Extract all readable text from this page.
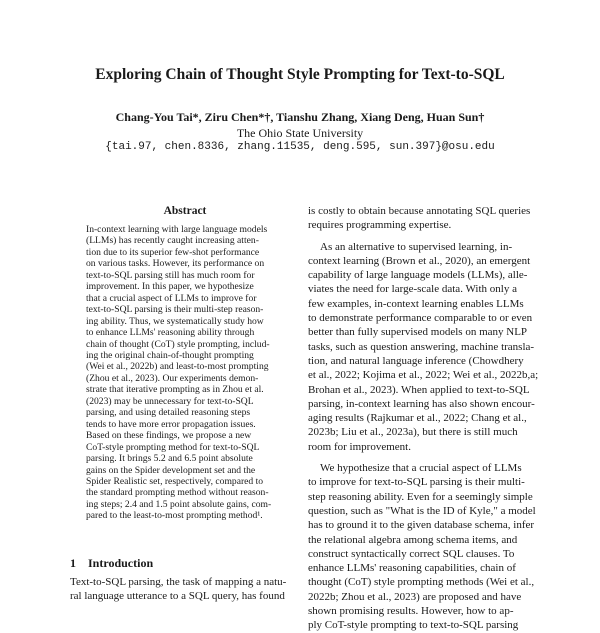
Exploring Chain of Thought Style Prompting for Text-to-SQL
Chang-You Tai*, Ziru Chen*†, Tianshu Zhang, Xiang Deng, Huan Sun†
The Ohio State University
{tai.97, chen.8336, zhang.11535, deng.595, sun.397}@osu.edu
Abstract
In-context learning with large language models
(LLMs) has recently caught increasing atten-
tion due to its superior few-shot performance
on various tasks. However, its performance on
text-to-SQL parsing still has much room for
improvement. In this paper, we hypothesize
that a crucial aspect of LLMs to improve for
text-to-SQL parsing is their multi-step reason-
ing ability. Thus, we systematically study how
to enhance LLMs' reasoning ability through
chain of thought (CoT) style prompting, includ-
ing the original chain-of-thought prompting
(Wei et al., 2022b) and least-to-most prompting
(Zhou et al., 2023). Our experiments demon-
strate that iterative prompting as in Zhou et al.
(2023) may be unnecessary for text-to-SQL
parsing, and using detailed reasoning steps
tends to have more error propagation issues.
Based on these findings, we propose a new
CoT-style prompting method for text-to-SQL
parsing. It brings 5.2 and 6.5 point absolute
gains on the Spider development set and the
Spider Realistic set, respectively, compared to
the standard prompting method without reason-
ing steps; 2.4 and 1.5 point absolute gains, com-
pared to the least-to-most prompting method¹.
1 Introduction
Text-to-SQL parsing, the task of mapping a natu-
ral language utterance to a SQL query, has found
is costly to obtain because annotating SQL queries
requires programming expertise.
As an alternative to supervised learning, in-
context learning (Brown et al., 2020), an emergent
capability of large language models (LLMs), alle-
viates the need for large-scale data. With only a
few examples, in-context learning enables LLMs
to demonstrate performance comparable to or even
better than fully supervised models on many NLP
tasks, such as question answering, machine transla-
tion, and natural language inference (Chowdhery
et al., 2022; Kojima et al., 2022; Wei et al., 2022b,a;
Brohan et al., 2023). When applied to text-to-SQL
parsing, in-context learning has also shown encour-
aging results (Rajkumar et al., 2022; Chang et al.,
2023b; Liu et al., 2023a), but there is still much
room for improvement.
We hypothesize that a crucial aspect of LLMs
to improve for text-to-SQL parsing is their multi-
step reasoning ability. Even for a seemingly simple
question, such as "What is the ID of Kyle," a model
has to ground it to the given database schema, infer
the relational algebra among schema items, and
construct syntactically correct SQL clauses. To
enhance LLMs' reasoning capabilities, chain of
thought (CoT) style prompting methods (Wei et al.,
2022b; Zhou et al., 2023) are proposed and have
shown promising results. However, how to ap-
ply CoT-style prompting to text-to-SQL parsing
